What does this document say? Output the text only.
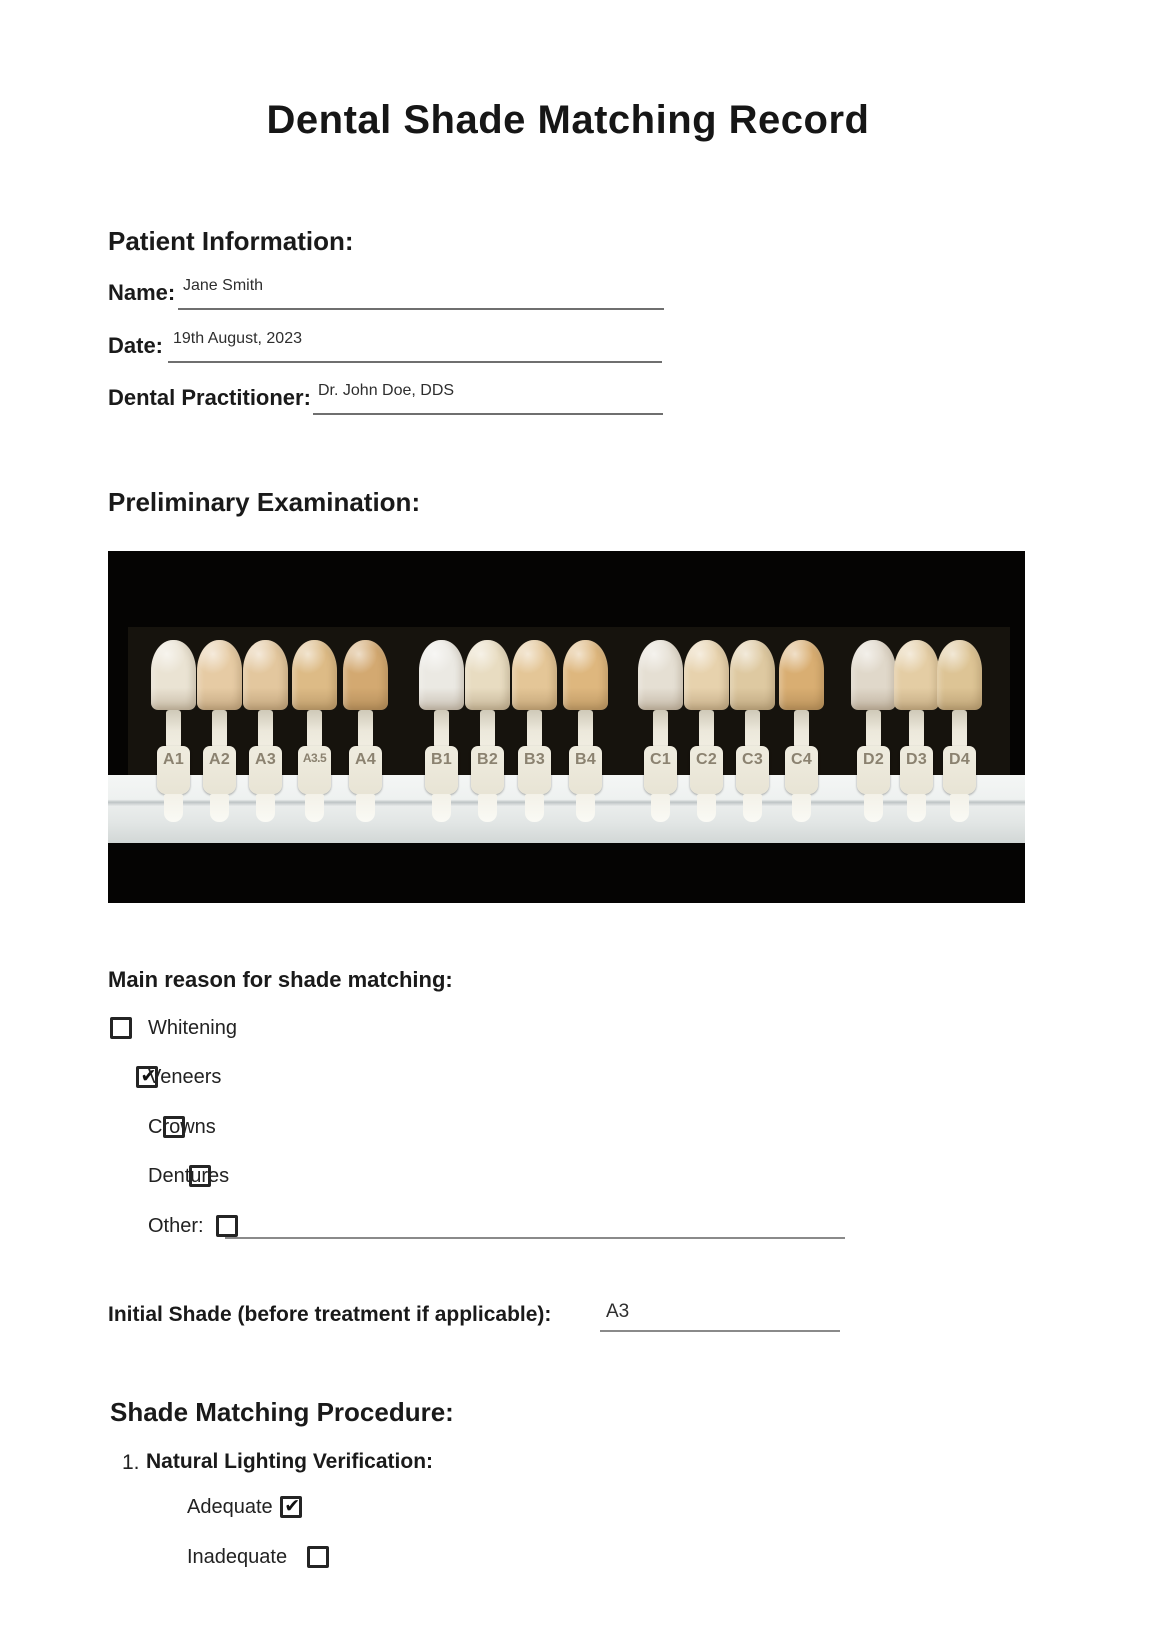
Dental Shade Matching Record
Patient Information:
Name: Jane Smith
Date: 19th August, 2023
Dental Practitioner: Dr. John Doe, DDS
Preliminary Examination:
A1	A2	A3	A3.5	A4	B1	B2	B3	B4	C1	C2	C3	C4	D2	D3	D4
Main reason for shade matching:

Whitening
✔
Veneers

Crowns

Dentures

Other:
Initial Shade (before treatment if applicable):	A3
Shade Matching Procedure:
1. Natural Lighting Verification:
✔
Adequate
Inadequate
